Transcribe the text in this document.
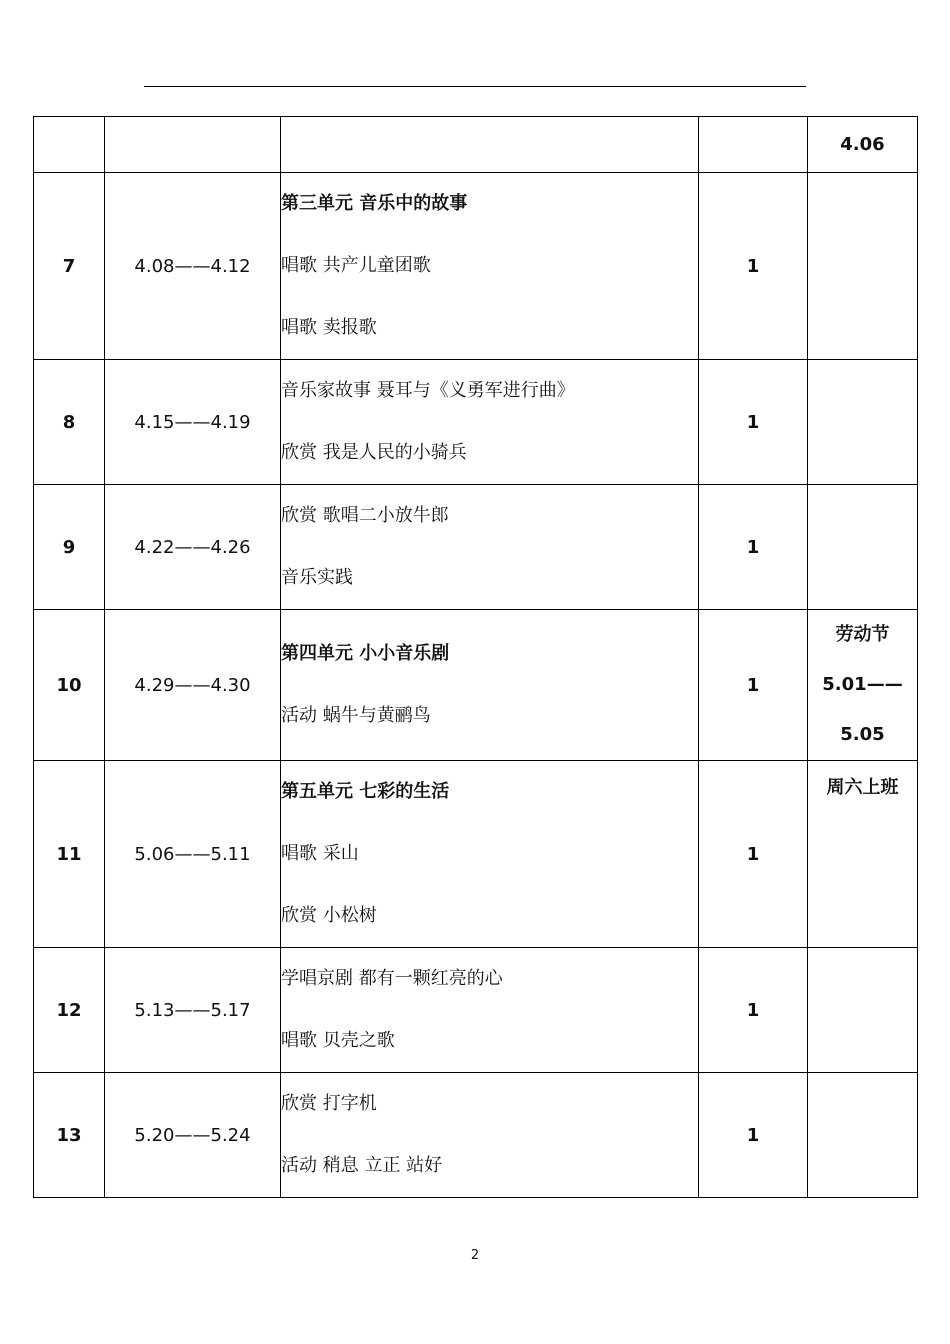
				4.06
7	4.08——4.12	第三单元 音乐中的故事
唱歌 共产儿童团歌
唱歌 卖报歌	1	
8	4.15——4.19	音乐家故事 聂耳与《义勇军进行曲》
欣赏 我是人民的小骑兵	1	
9	4.22——4.26	欣赏 歌唱二小放牛郎
音乐实践	1	
10	4.29——4.30	第四单元 小小音乐剧
活动 蜗牛与黄鹂鸟	1	劳动节
5.01——
5.05

11	5.06——5.11	第五单元 七彩的生活
唱歌 采山
欣赏 小松树	1	周六上班

12	5.13——5.17	学唱京剧 都有一颗红亮的心
唱歌 贝壳之歌	1	
13	5.20——5.24	欣赏 打字机
活动 稍息 立正 站好	1	
2
